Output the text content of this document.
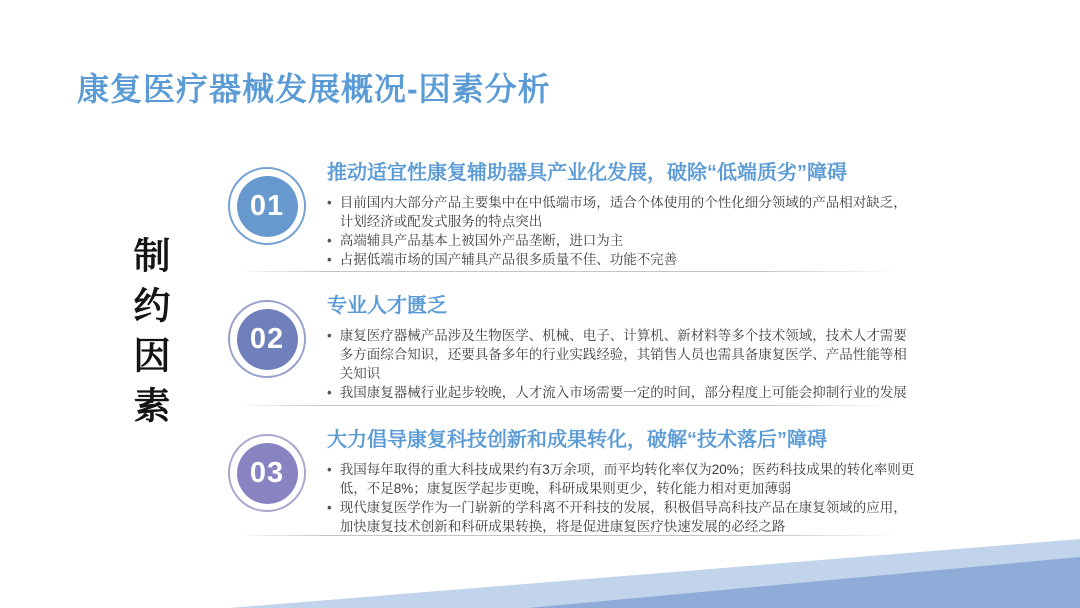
康复医疗器械发展概况-因素分析
制约因素
01
推动适宜性康复辅助器具产业化发展，破除“低端质劣”障碍
• 目前国内大部分产品主要集中在中低端市场，适合个体使用的个性化细分领域的产品相对缺乏，计划经济或配发式服务的特点突出
• 高端辅具产品基本上被国外产品垄断，进口为主
• 占据低端市场的国产辅具产品很多质量不佳、功能不完善
02
专业人才匮乏
• 康复医疗器械产品涉及生物医学、机械、电子、计算机、新材料等多个技术领域，技术人才需要多方面综合知识，还要具备多年的行业实践经验，其销售人员也需具备康复医学、产品性能等相关知识
• 我国康复器械行业起步较晚，人才流入市场需要一定的时间，部分程度上可能会抑制行业的发展
03
大力倡导康复科技创新和成果转化，破解“技术落后”障碍
• 我国每年取得的重大科技成果约有3万余项，而平均转化率仅为20%；医药科技成果的转化率则更低，不足8%；康复医学起步更晚，科研成果则更少，转化能力相对更加薄弱
• 现代康复医学作为一门崭新的学科离不开科技的发展，积极倡导高科技产品在康复领域的应用，加快康复技术创新和科研成果转换，将是促进康复医疗快速发展的必经之路
